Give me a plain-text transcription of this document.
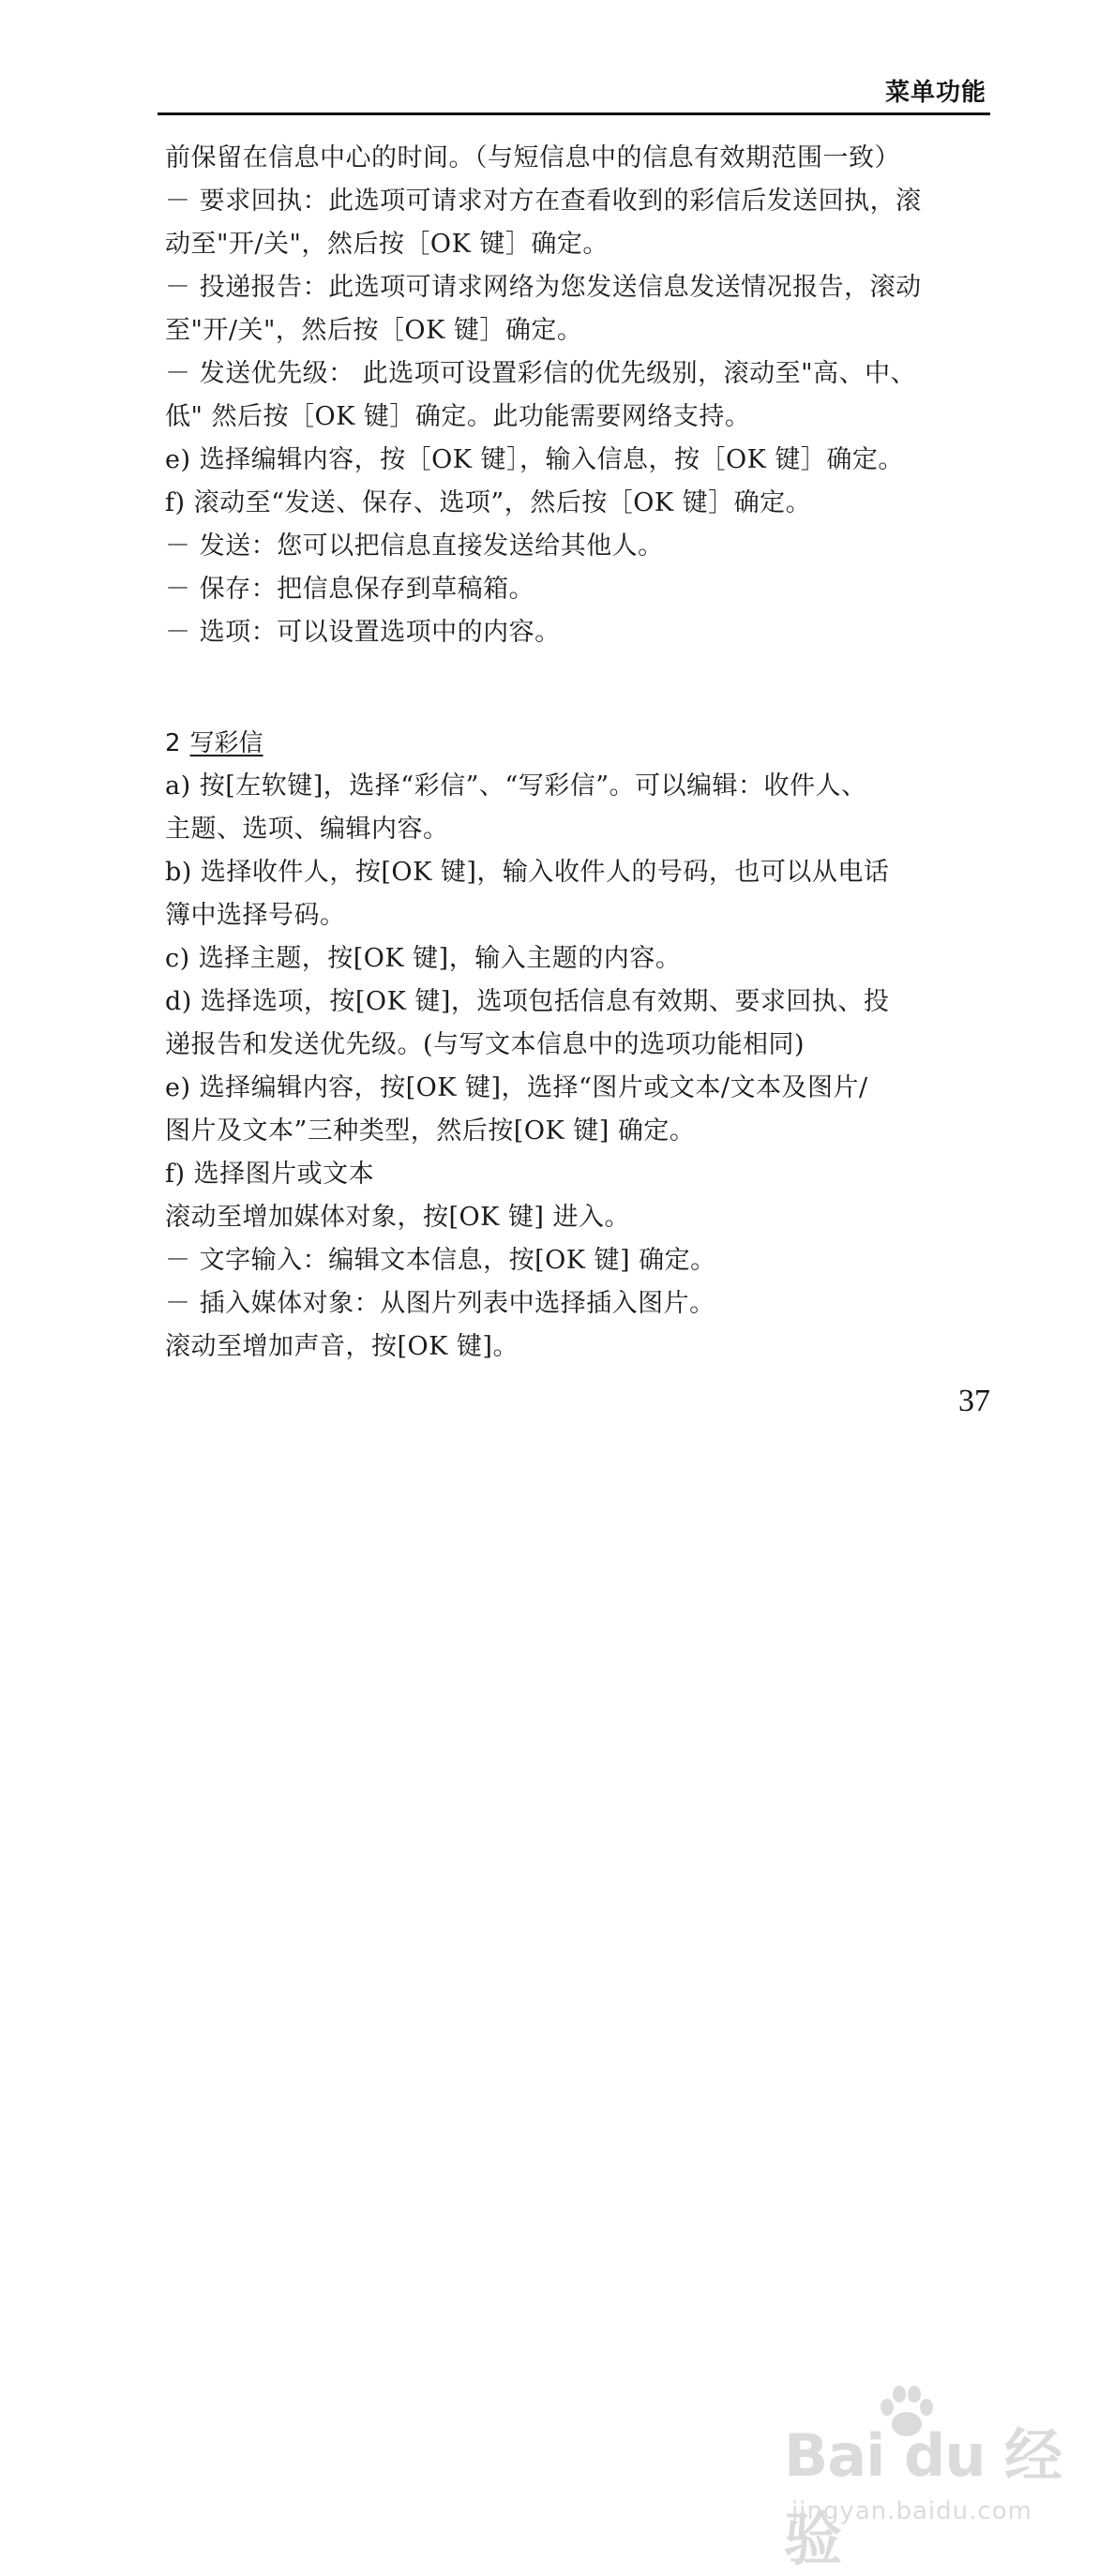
菜单功能
前保留在信息中心的时间。（与短信息中的信息有效期范围一致）
－ 要求回执：此选项可请求对方在查看收到的彩信后发送回执，滚
动至"开/关"，然后按［OK 键］确定。
－ 投递报告：此选项可请求网络为您发送信息发送情况报告，滚动
至"开/关"，然后按［OK 键］确定。
－ 发送优先级： 此选项可设置彩信的优先级别，滚动至"高、中、
低" 然后按［OK 键］确定。此功能需要网络支持。
e) 选择编辑内容，按［OK 键］，输入信息，按［OK 键］确定。
f) 滚动至“发送、保存、选项”，然后按［OK 键］确定。
－ 发送：您可以把信息直接发送给其他人。
－ 保存：把信息保存到草稿箱。
－ 选项：可以设置选项中的内容。
2 写彩信
a) 按[左软键]，选择“彩信”、“写彩信”。可以编辑：收件人、
主题、选项、编辑内容。
b) 选择收件人，按[OK 键]，输入收件人的号码，也可以从电话
簿中选择号码。
c) 选择主题，按[OK 键]，输入主题的内容。
d) 选择选项，按[OK 键]，选项包括信息有效期、要求回执、投
递报告和发送优先级。(与写文本信息中的选项功能相同)
e) 选择编辑内容，按[OK 键]，选择“图片或文本/文本及图片/
图片及文本”三种类型，然后按[OK 键] 确定。
f) 选择图片或文本
滚动至增加媒体对象，按[OK 键] 进入。
－ 文字输入：编辑文本信息，按[OK 键] 确定。
－ 插入媒体对象：从图片列表中选择插入图片。
滚动至增加声音，按[OK 键]。
37
Bai du 经验
jingyan.baidu.com
